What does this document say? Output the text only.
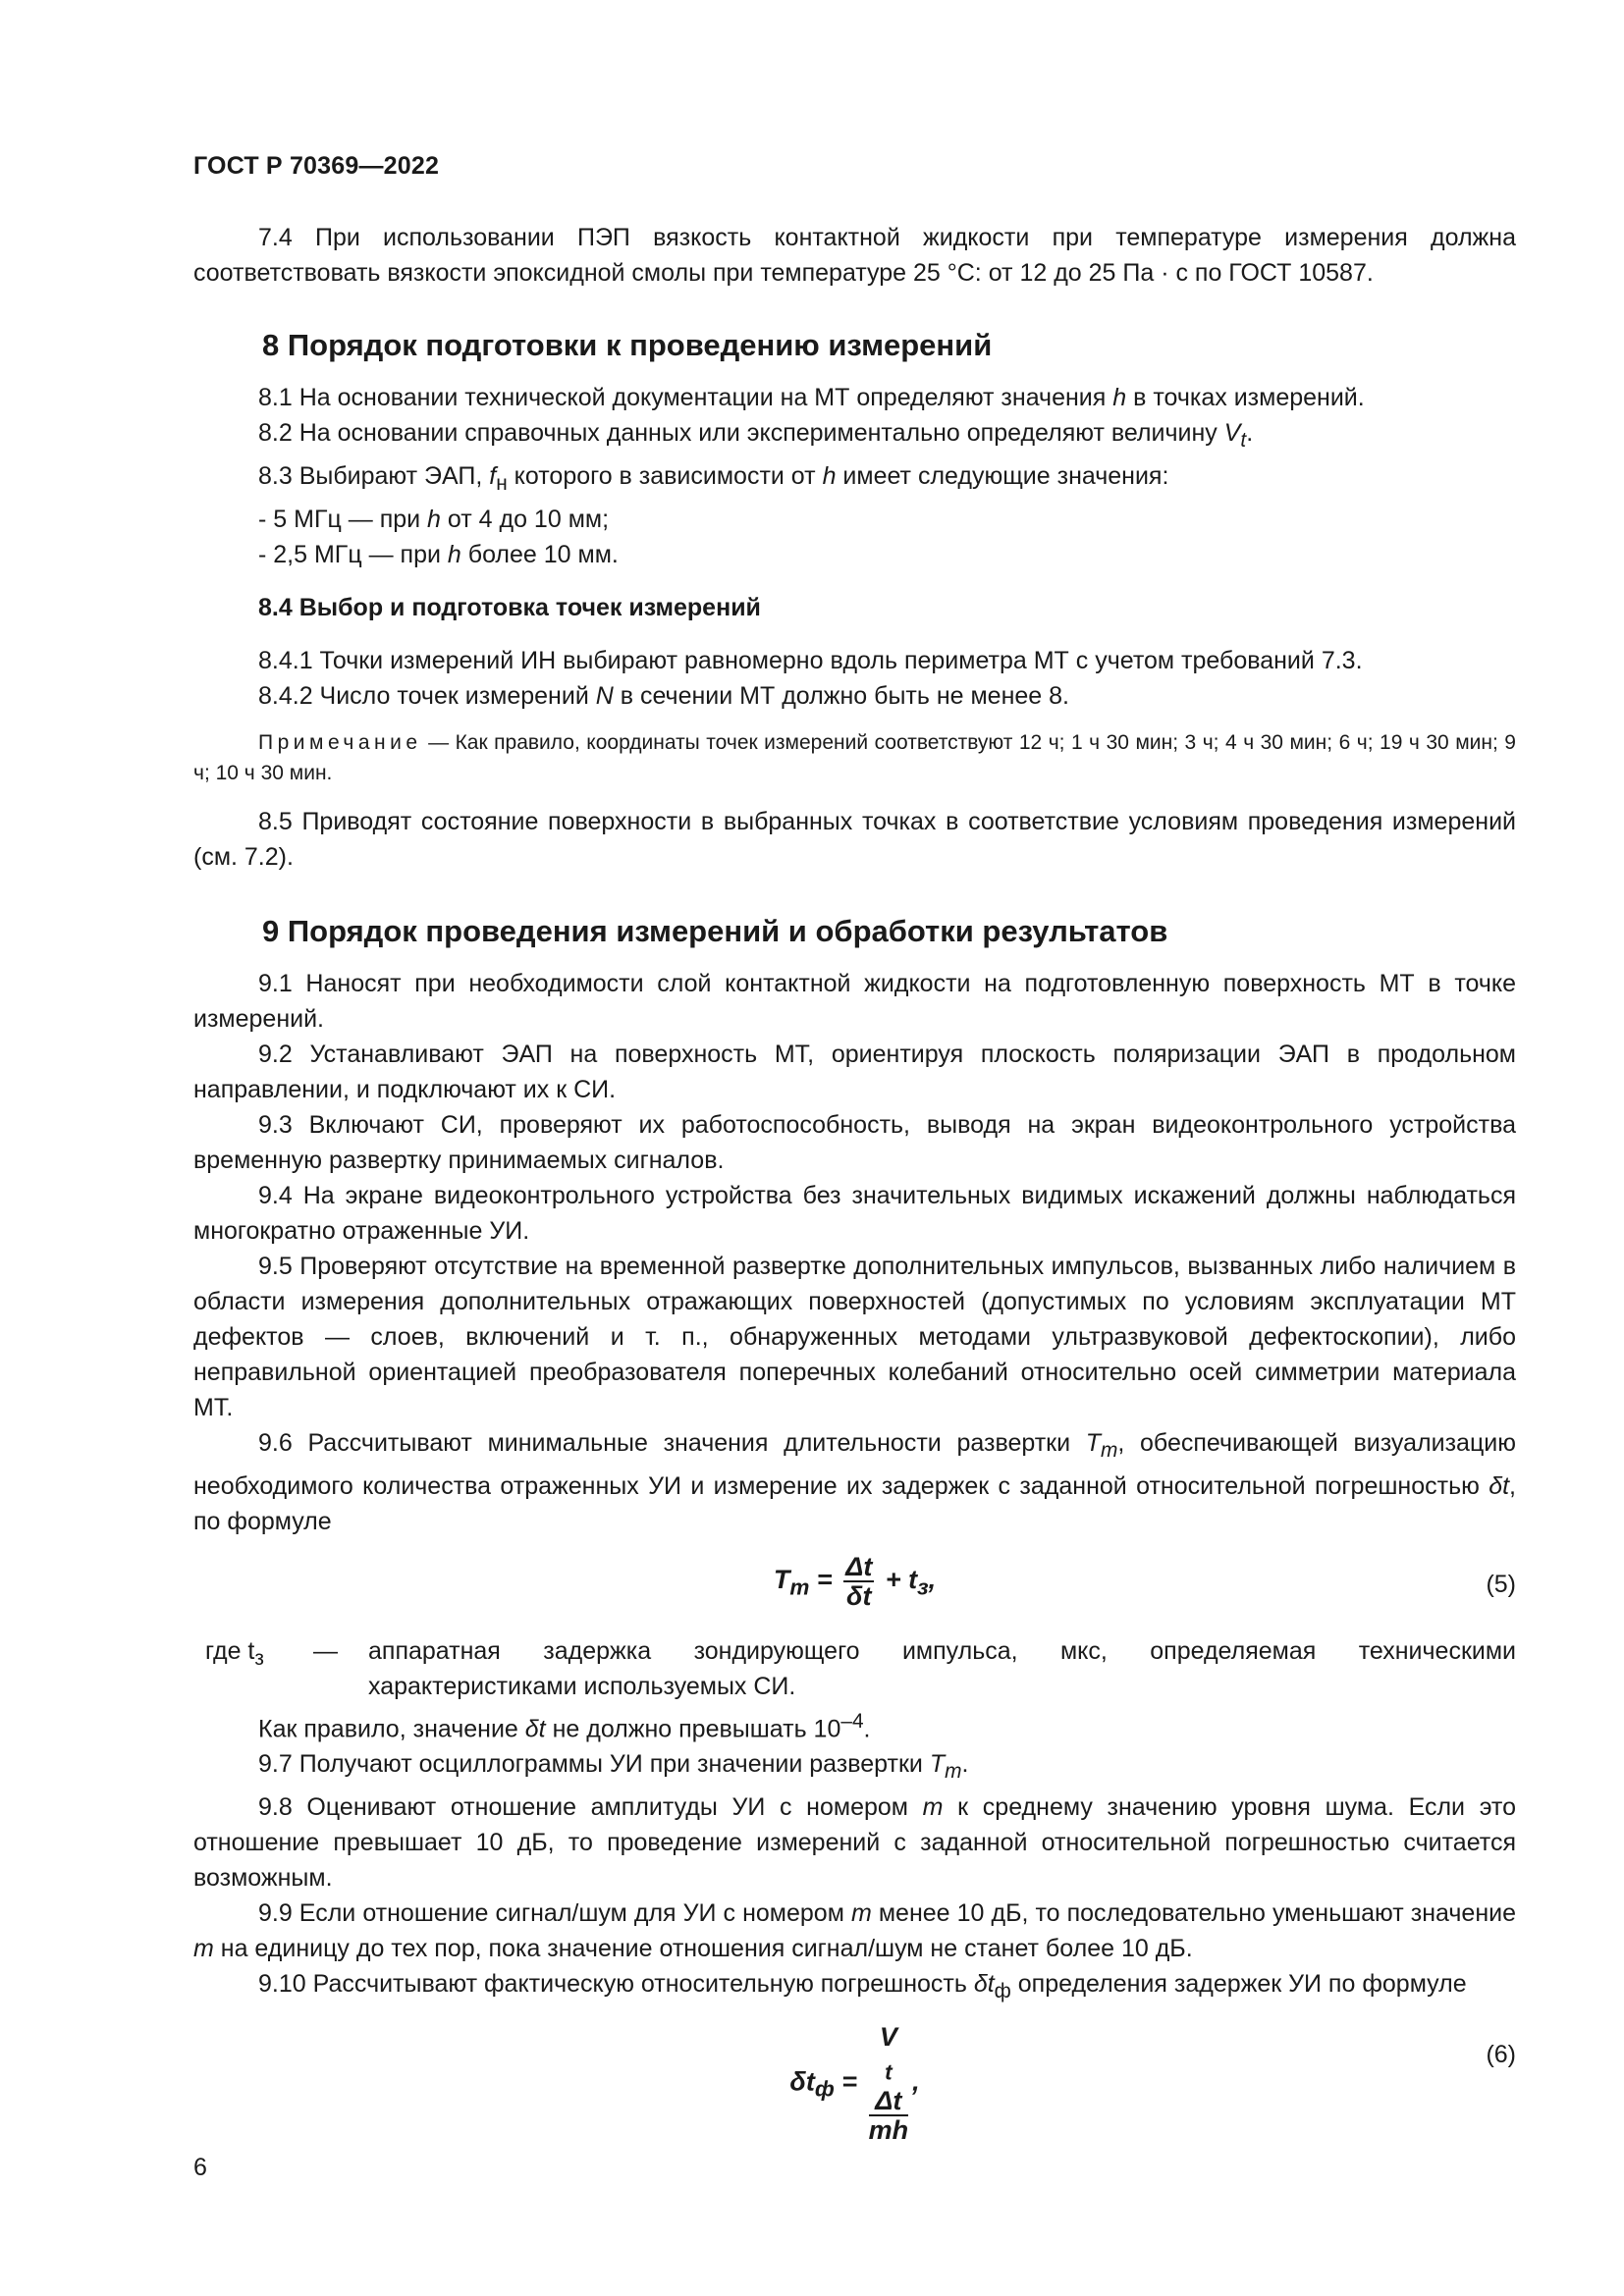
ГОСТ Р 70369—2022

7.4 При использовании ПЭП вязкость контактной жидкости при температуре измерения должна соответствовать вязкости эпоксидной смолы при температуре 25 °С: от 12 до 25 Па · с по ГОСТ 10587.

8 Порядок подготовки к проведению измерений

8.1 На основании технической документации на МТ определяют значения h в точках измерений.

8.2 На основании справочных данных или экспериментально определяют величину $V_t$.

8.3 Выбирают ЭАП, $f_н$ которого в зависимости от h имеет следующие значения:

- 5 МГц — при h от 4 до 10 мм;

- 2,5 МГц — при h более 10 мм.

8.4 Выбор и подготовка точек измерений

8.4.1 Точки измерений ИН выбирают равномерно вдоль периметра МТ с учетом требований 7.3.

8.4.2 Число точек измерений N в сечении МТ должно быть не менее 8.

Примечание — Как правило, координаты точек измерений соответствуют 12 ч; 1 ч 30 мин; 3 ч; 4 ч 30 мин; 6 ч; 19 ч 30 мин; 9 ч; 10 ч 30 мин.

8.5 Приводят состояние поверхности в выбранных точках в соответствие условиям проведения измерений (см. 7.2).

9 Порядок проведения измерений и обработки результатов

9.1 Наносят при необходимости слой контактной жидкости на подготовленную поверхность МТ в точке измерений.

9.2 Устанавливают ЭАП на поверхность МТ, ориентируя плоскость поляризации ЭАП в продольном направлении, и подключают их к СИ.

9.3 Включают СИ, проверяют их работоспособность, выводя на экран видеоконтрольного устройства временную развертку принимаемых сигналов.

9.4 На экране видеоконтрольного устройства без значительных видимых искажений должны наблюдаться многократно отраженные УИ.

9.5 Проверяют отсутствие на временной развертке дополнительных импульсов, вызванных либо наличием в области измерения дополнительных отражающих поверхностей (допустимых по условиям эксплуатации МТ дефектов — слоев, включений и т. п., обнаруженных методами ультразвуковой дефектоскопии), либо неправильной ориентацией преобразователя поперечных колебаний относительно осей симметрии материала МТ.

9.6 Рассчитывают минимальные значения длительности развертки $T_m$, обеспечивающей визуализацию необходимого количества отраженных УИ и измерение их задержек с заданной относительной погрешностью δt, по формуле

$T_m = \frac{\Delta t}{\delta t} + t_з$,	(5)
где $t_з$	—	аппаратная задержка зондирующего импульса, мкс, определяемая техническими характеристиками используемых СИ.

Как правило, значение δt не должно превышать $10^{-4}$.

9.7 Получают осциллограммы УИ при значении развертки $T_m$.

9.8 Оценивают отношение амплитуды УИ с номером m к среднему значению уровня шума. Если это отношение превышает 10 дБ, то проведение измерений с заданной относительной погрешностью считается возможным.

9.9 Если отношение сигнал/шум для УИ с номером m менее 10 дБ, то последовательно уменьшают значение m на единицу до тех пор, пока значение отношения сигнал/шум не станет более 10 дБ.

9.10 Рассчитывают фактическую относительную погрешность $\delta t_ф$ определения задержек УИ по формуле

$\delta t_ф = V$
$_t$
Δt
mh ,
(6)
6
